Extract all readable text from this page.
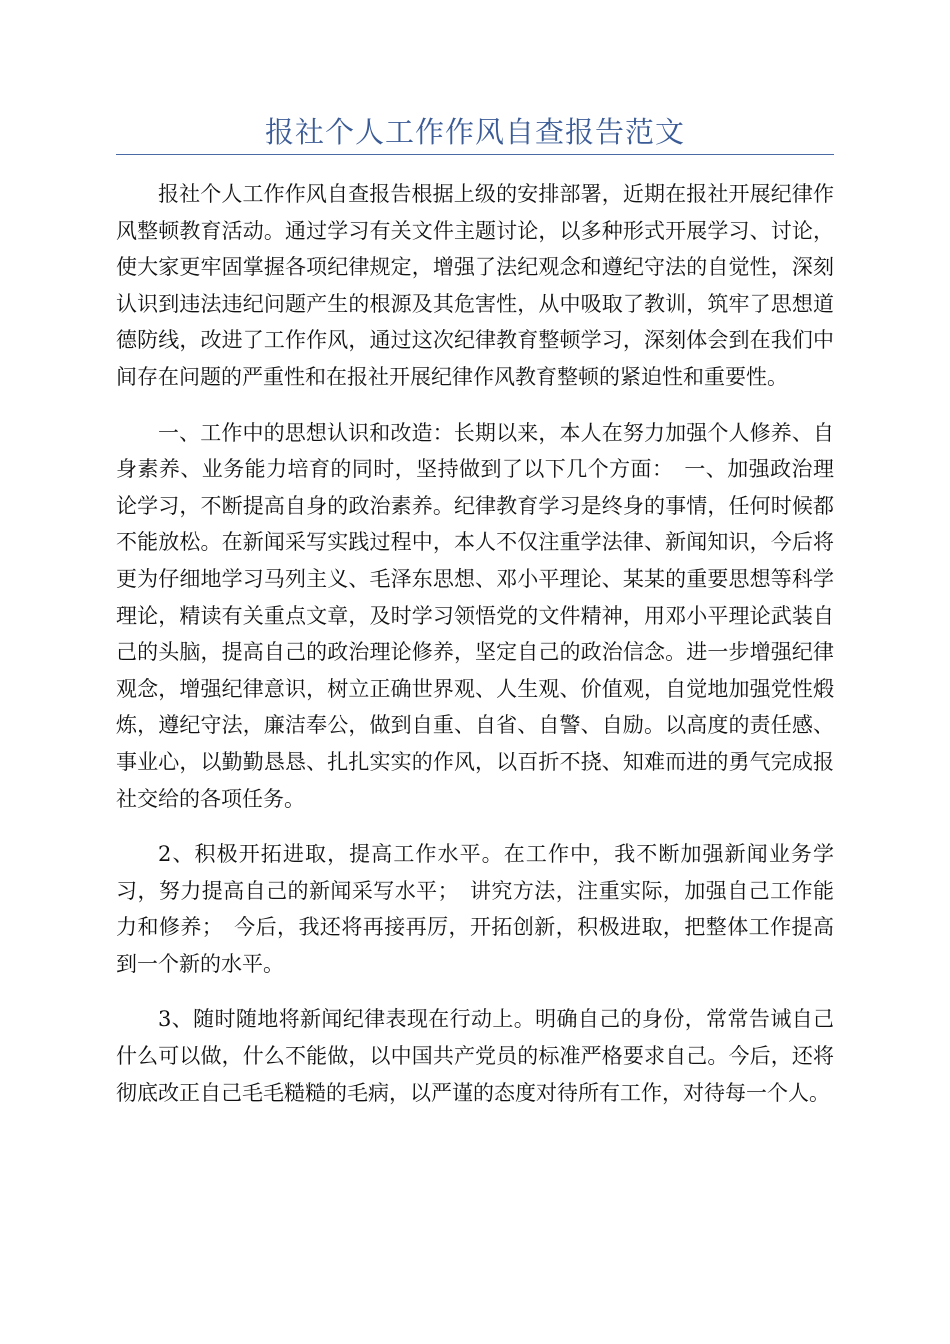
报社个人工作作风自查报告范文

报社个人工作作风自查报告根据上级的安排部署，近期在报社开展纪律作风整顿教育活动。通过学习有关文件主题讨论，以多种形式开展学习、讨论，使大家更牢固掌握各项纪律规定，增强了法纪观念和遵纪守法的自觉性，深刻认识到违法违纪问题产生的根源及其危害性，从中吸取了教训，筑牢了思想道德防线，改进了工作作风，通过这次纪律教育整顿学习，深刻体会到在我们中间存在问题的严重性和在报社开展纪律作风教育整顿的紧迫性和重要性。

一、工作中的思想认识和改造：长期以来，本人在努力加强个人修养、自身素养、业务能力培育的同时，坚持做到了以下几个方面：　一、加强政治理论学习，不断提高自身的政治素养。纪律教育学习是终身的事情，任何时候都不能放松。在新闻采写实践过程中，本人不仅注重学法律、新闻知识，今后将更为仔细地学习马列主义、毛泽东思想、邓小平理论、某某的重要思想等科学理论，精读有关重点文章，及时学习领悟党的文件精神，用邓小平理论武装自己的头脑，提高自己的政治理论修养，坚定自己的政治信念。进一步增强纪律观念，增强纪律意识，树立正确世界观、人生观、价值观，自觉地加强党性煅炼，遵纪守法，廉洁奉公，做到自重、自省、自警、自励。以高度的责任感、事业心，以勤勤恳恳、扎扎实实的作风，以百折不挠、知难而进的勇气完成报社交给的各项任务。

2、积极开拓进取，提高工作水平。在工作中，我不断加强新闻业务学习，努力提高自己的新闻采写水平；　讲究方法，注重实际，加强自己工作能力和修养；　今后，我还将再接再厉，开拓创新，积极进取，把整体工作提高到一个新的水平。

3、随时随地将新闻纪律表现在行动上。明确自己的身份，常常告诫自己什么可以做，什么不能做，以中国共产党员的标准严格要求自己。今后，还将彻底改正自己毛毛糙糙的毛病，以严谨的态度对待所有工作，对待每一个人。
